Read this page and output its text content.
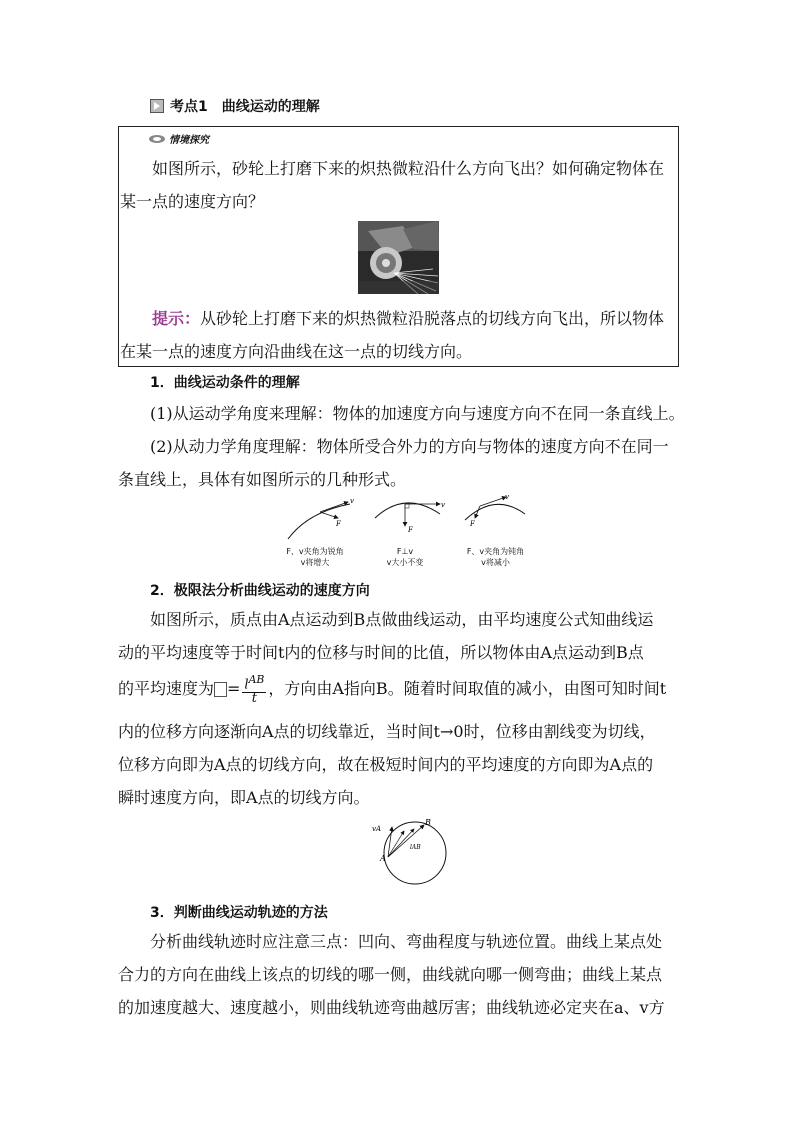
考点1　曲线运动的理解
情境探究

如图所示，砂轮上打磨下来的炽热微粒沿什么方向飞出？如何确定物体在某一点的速度方向？

提示：从砂轮上打磨下来的炽热微粒沿脱落点的切线方向飞出，所以物体在某一点的速度方向沿曲线在这一点的切线方向。

1．曲线运动条件的理解
(1)从运动学角度来理解：物体的加速度方向与速度方向不在同一条直线上。
(2)从动力学角度理解：物体所受合外力的方向与物体的速度方向不在同一
条直线上，具体有如图所示的几种形式。
v
F
v
F
v
F
F、v夹角为锐角
v将增大
F⊥v
v大小不变
F、v夹角为钝角
v将减小
2．极限法分析曲线运动的速度方向
如图所示，质点由A点运动到B点做曲线运动，由平均速度公式知曲线运
动的平均速度等于时间t内的位移与时间的比值，所以物体由A点运动到B点
的平均速度为 = $\frac{l^{AB}}{t}$ ，方向由A指向B。随着时间取值的减小，由图可知时间t
内的位移方向逐渐向A点的切线靠近，当时间t→0时，位移由割线变为切线，
位移方向即为A点的切线方向，故在极短时间内的平均速度的方向即为A点的
瞬时速度方向，即A点的切线方向。
vA
B
A
lAB
3．判断曲线运动轨迹的方法
分析曲线轨迹时应注意三点：凹向、弯曲程度与轨迹位置。曲线上某点处
合力的方向在曲线上该点的切线的哪一侧，曲线就向哪一侧弯曲；曲线上某点
的加速度越大、速度越小，则曲线轨迹弯曲越厉害；曲线轨迹必定夹在a、v方
